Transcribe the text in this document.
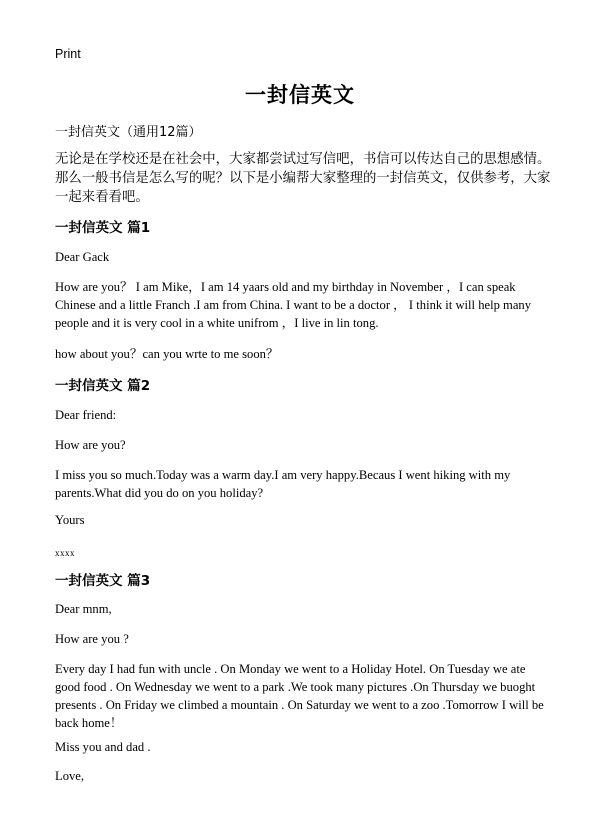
Print
一封信英文
一封信英文（通用12篇）
无论是在学校还是在社会中，大家都尝试过写信吧，书信可以传达自己的思想感情。那么一般书信是怎么写的呢？以下是小编帮大家整理的一封信英文，仅供参考，大家一起来看看吧。
一封信英文 篇1
Dear Gack
How are you？ I am Mike，I am 14 yaars old and my birthday in November ，I can speak Chinese and a little Franch .I am from China. I want to be a doctor ， I think it will help many people and it is very cool in a white unifrom ，I live in lin tong.
how about you？can you wrte to me soon？
一封信英文 篇2
Dear friend:
How are you?
I miss you so much.Today was a warm day.I am very happy.Becaus I went hiking with my parents.What did you do on you holiday?
Yours
xxxx
一封信英文 篇3
Dear mnm,
How are you ?
Every day I had fun with uncle . On Monday we went to a Holiday Hotel. On Tuesday we ate good food . On Wednesday we went to a park .We took many pictures .On Thursday we buoght presents . On Friday we climbed a mountain . On Saturday we went to a zoo .Tomorrow I will be back home！
Miss you and dad .
Love,
